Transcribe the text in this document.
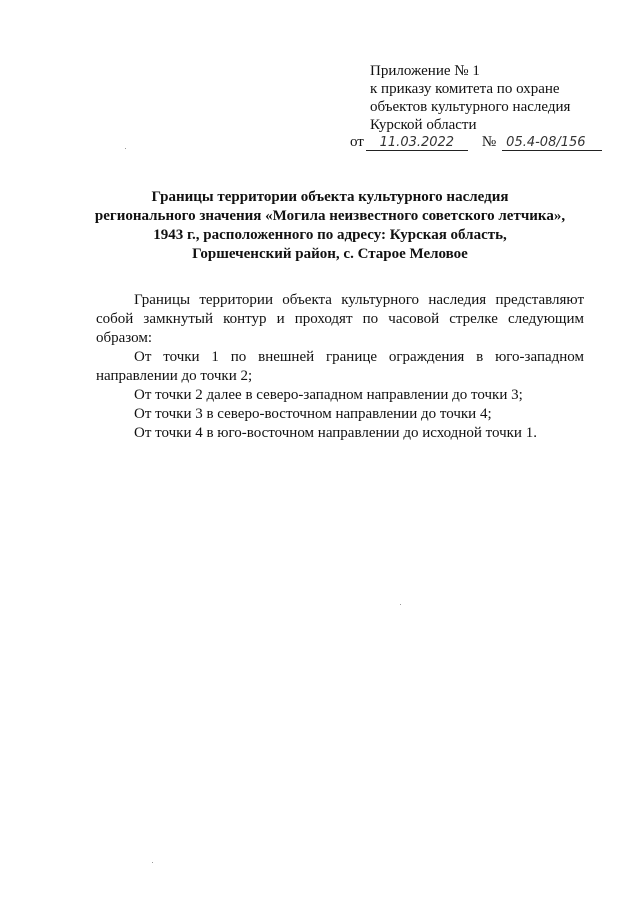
Приложение № 1
к приказу комитета по охране
объектов культурного наследия
Курской области
от	11.03.2022	№ 05.4-08/156
Границы территории объекта культурного наследия
регионального значения «Могила неизвестного советского летчика»,
1943 г., расположенного по адресу: Курская область,
Горшеченский район, с. Старое Меловое
Границы территории объекта культурного наследия представляют
собой замкнутый контур и проходят по часовой стрелке следующим
образом:
От точки 1 по внешней границе ограждения в юго-западном
направлении до точки 2;
От точки 2 далее в северо-западном направлении до точки 3;
От точки 3 в северо-восточном направлении до точки 4;
От точки 4 в юго-восточном направлении до исходной точки 1.
